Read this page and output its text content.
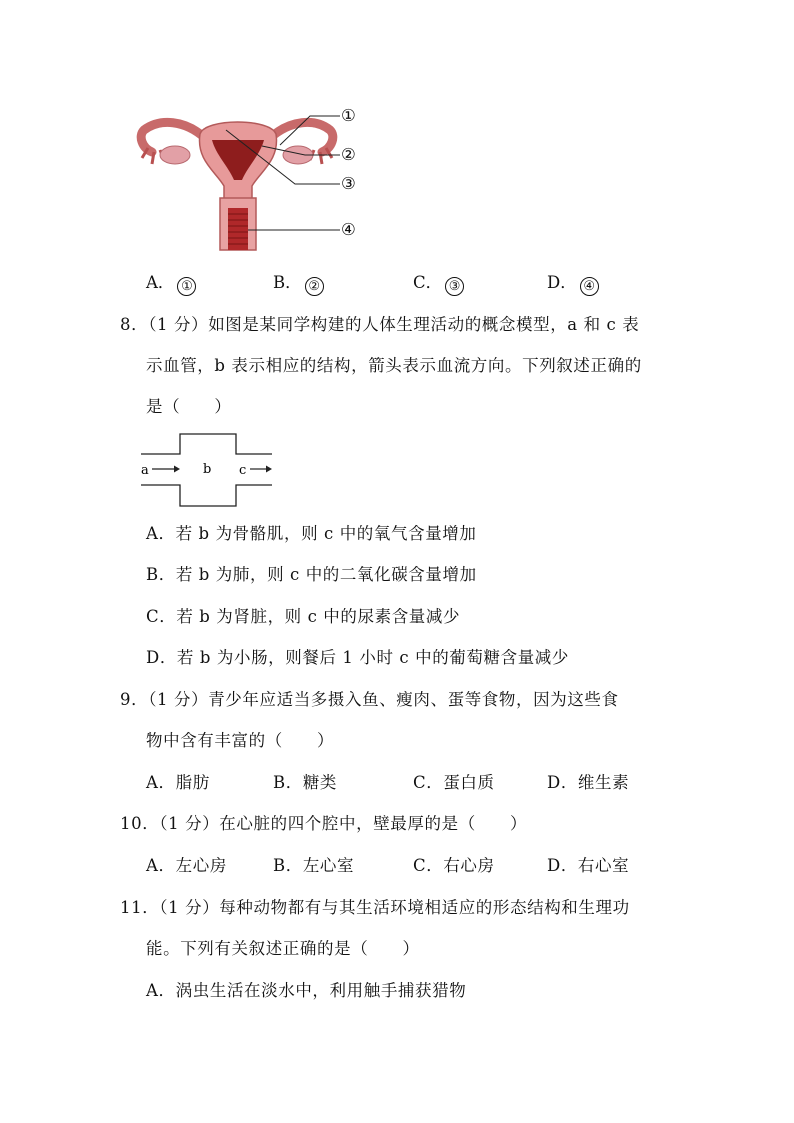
①
②
③
④
A． ①	B． ②	C． ③	D． ④
8．（1 分）如图是某同学构建的人体生理活动的概念模型，a 和 c 表
示血管，b 表示相应的结构，箭头表示血流方向。下列叙述正确的
是（　　）
a	b c
A．若 b 为骨骼肌，则 c 中的氧气含量增加
B．若 b 为肺，则 c 中的二氧化碳含量增加
C．若 b 为肾脏，则 c 中的尿素含量减少
D．若 b 为小肠，则餐后 1 小时 c 中的葡萄糖含量减少
9．（1 分）青少年应适当多摄入鱼、瘦肉、蛋等食物，因为这些食
物中含有丰富的（　　）
A．脂肪	B．糖类	C．蛋白质	D．维生素
10．（1 分）在心脏的四个腔中，壁最厚的是（　　）
A．左心房	B．左心室	C．右心房	D．右心室
11．（1 分）每种动物都有与其生活环境相适应的形态结构和生理功
能。下列有关叙述正确的是（　　）
A．涡虫生活在淡水中，利用触手捕获猎物
